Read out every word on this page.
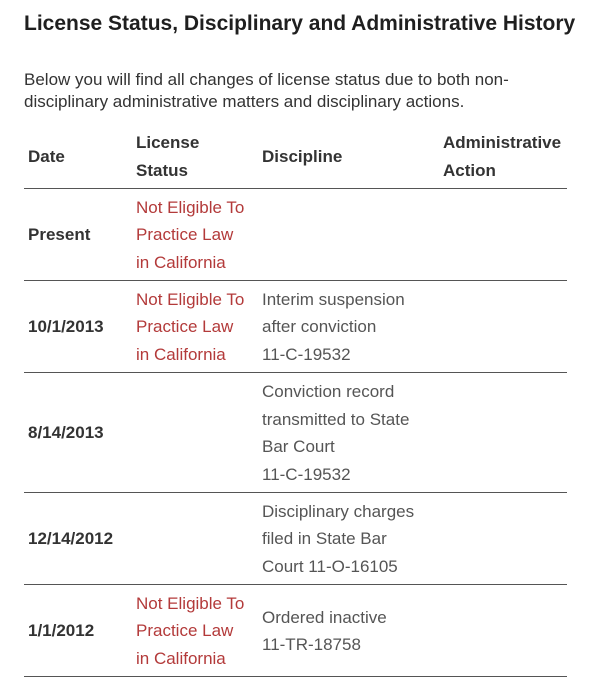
License Status, Disciplinary and Administrative History

Below you will find all changes of license status due to both non-disciplinary administrative matters and disciplinary actions.

Date
License
Status
Discipline
Administrative
Action
Present
Not Eligible To
Practice Law
in California
10/1/2013
Not Eligible To
Practice Law
in California
Interim suspension
after conviction
11-C-19532
8/14/2013
Conviction record
transmitted to State
Bar Court
11-C-19532
12/14/2012
Disciplinary charges
filed in State Bar
Court 11-O-16105
1/1/2012
Not Eligible To
Practice Law
in California
Ordered inactive
11-TR-18758
